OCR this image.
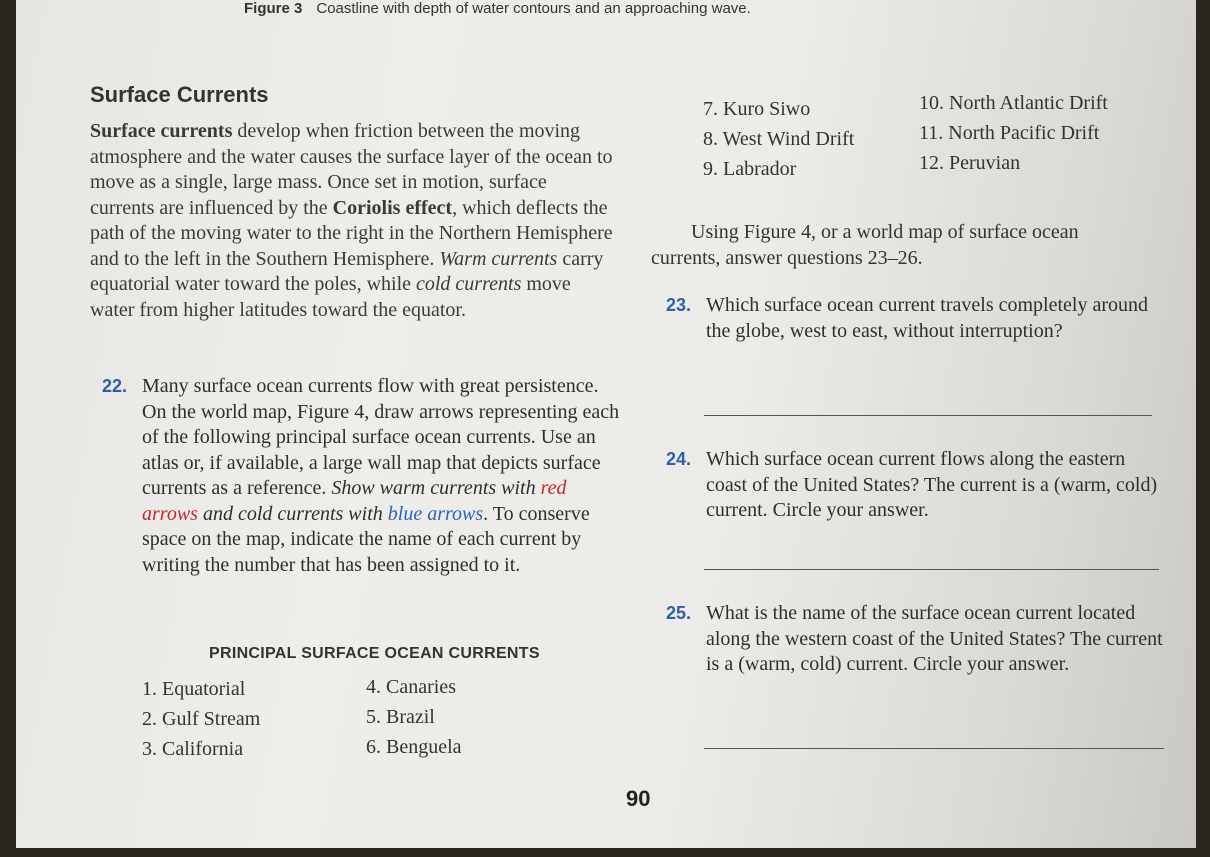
Figure 3 Coastline with depth of water contours and an approaching wave.
Surface Currents

Surface currents develop when friction between the moving atmosphere and the water causes the surface layer of the ocean to move as a single, large mass. Once set in motion, surface currents are influenced by the Coriolis effect, which deflects the path of the moving water to the right in the Northern Hemisphere and to the left in the Southern Hemisphere. Warm currents carry equatorial water toward the poles, while cold currents move water from higher latitudes toward the equator.

22. Many surface ocean currents flow with great persistence. On the world map, Figure 4, draw arrows representing each of the following principal surface ocean currents. Use an atlas or, if available, a large wall map that depicts surface currents as a reference. Show warm currents with red arrows and cold currents with blue arrows. To conserve space on the map, indicate the name of each current by writing the number that has been assigned to it.
PRINCIPAL SURFACE OCEAN CURRENTS
1. Equatorial
2. Gulf Stream
3. California
4. Canaries
5. Brazil
6. Benguela
7. Kuro Siwo
8. West Wind Drift
9. Labrador
10. North Atlantic Drift
11. North Pacific Drift
12. Peruvian
Using Figure 4, or a world map of surface ocean currents, answer questions 23–26.
23. Which surface ocean current travels completely around the globe, west to east, without interruption?
24. Which surface ocean current flows along the eastern coast of the United States? The current is a (warm, cold) current. Circle your answer.
25. What is the name of the surface ocean current located along the western coast of the United States? The current is a (warm, cold) current. Circle your answer.
90
